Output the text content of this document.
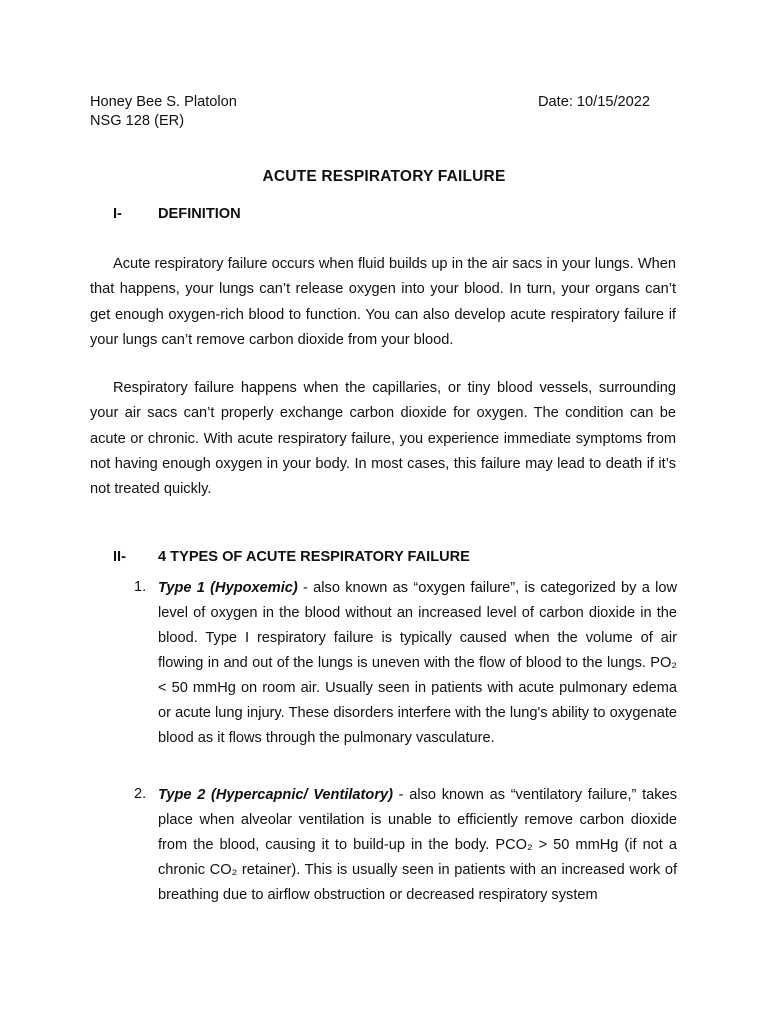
Honey Bee S. Platolon
NSG 128 (ER)
Date: 10/15/2022
ACUTE RESPIRATORY FAILURE
I- DEFINITION

Acute respiratory failure occurs when fluid builds up in the air sacs in your lungs. When that happens, your lungs can’t release oxygen into your blood. In turn, your organs can’t get enough oxygen-rich blood to function. You can also develop acute respiratory failure if your lungs can’t remove carbon dioxide from your blood.

Respiratory failure happens when the capillaries, or tiny blood vessels, surrounding your air sacs can’t properly exchange carbon dioxide for oxygen. The condition can be acute or chronic. With acute respiratory failure, you experience immediate symptoms from not having enough oxygen in your body. In most cases, this failure may lead to death if it’s not treated quickly.

II- 4 TYPES OF ACUTE RESPIRATORY FAILURE
1. Type 1 (Hypoxemic) - also known as “oxygen failure”, is categorized by a low level of oxygen in the blood without an increased level of carbon dioxide in the blood. Type I respiratory failure is typically caused when the volume of air flowing in and out of the lungs is uneven with the flow of blood to the lungs. PO₂ < 50 mmHg on room air. Usually seen in patients with acute pulmonary edema or acute lung injury. These disorders interfere with the lung's ability to oxygenate blood as it flows through the pulmonary vasculature.

2. Type 2 (Hypercapnic/ Ventilatory) - also known as “ventilatory failure,” takes place when alveolar ventilation is unable to efficiently remove carbon dioxide from the blood, causing it to build-up in the body. PCO₂ > 50 mmHg (if not a chronic CO₂ retainer). This is usually seen in patients with an increased work of breathing due to airflow obstruction or decreased respiratory system
